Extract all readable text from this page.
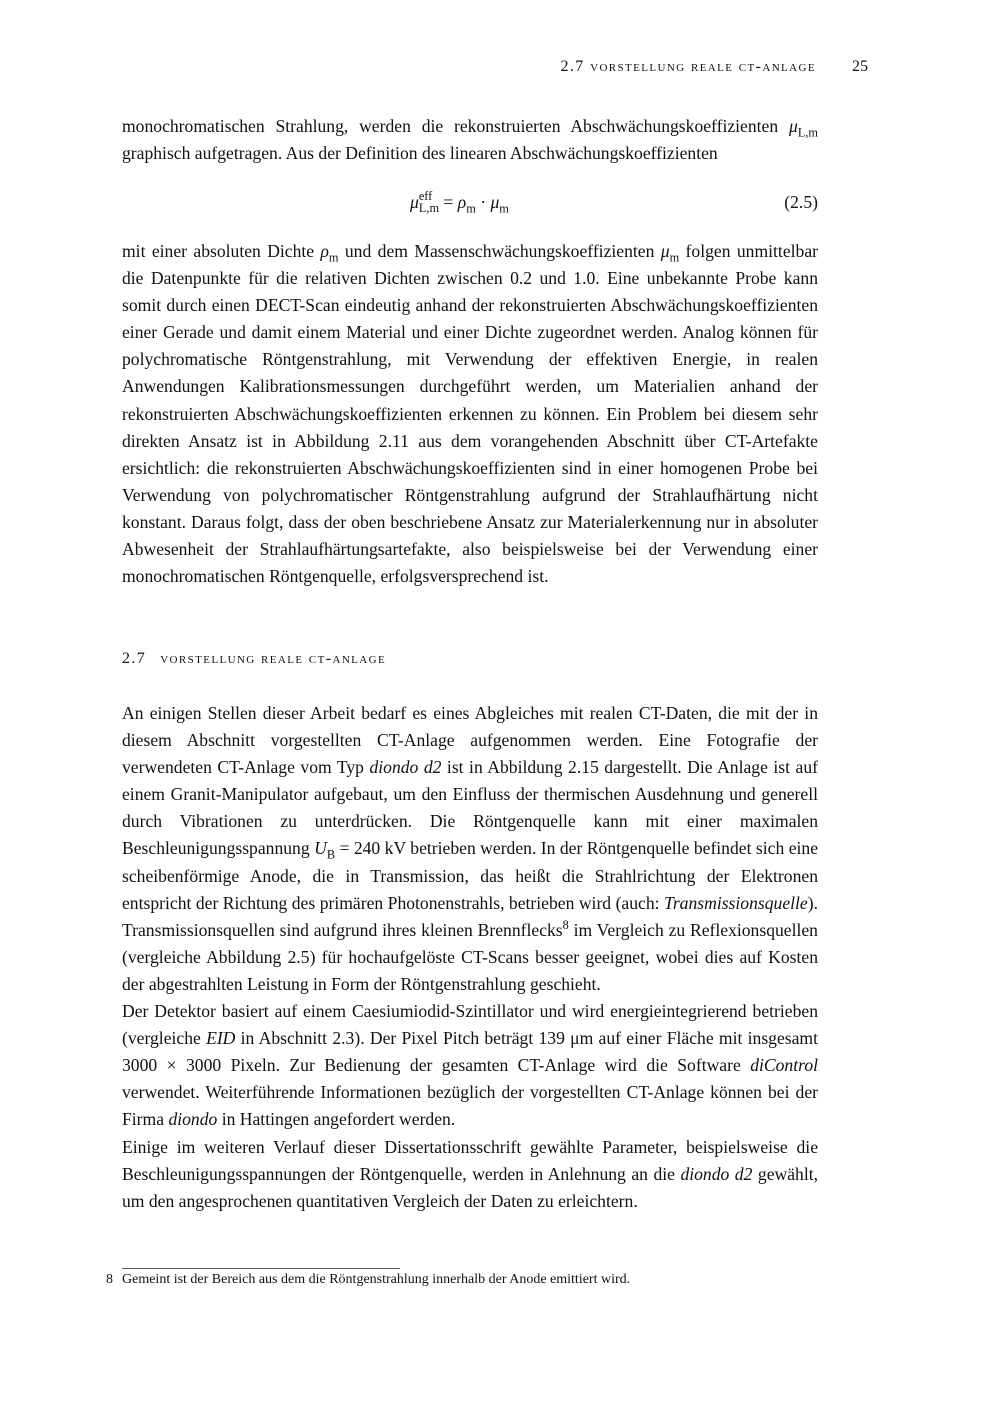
2.7 vorstellung reale ct-anlage 25

monochromatischen Strahlung, werden die rekonstruierten Abschwächungskoeffizienten $\mu_{L,m}$ graphisch aufgetragen. Aus der Definition des linearen Abschwächungskoeffizienten

μ eff
$L,m = \rho_m \cdot \mu_m$	(2.5)

mit einer absoluten Dichte $\rho_m$ und dem Massenschwächungskoeffizienten $\mu_m$ folgen unmittelbar die Datenpunkte für die relativen Dichten zwischen 0.2 und 1.0. Eine unbekannte Probe kann somit durch einen DECT-Scan eindeutig anhand der rekonstruierten Abschwächungskoeffizienten einer Gerade und damit einem Material und einer Dichte zugeordnet werden. Analog können für polychromatische Röntgenstrahlung, mit Verwendung der effektiven Energie, in realen Anwendungen Kalibrationsmessungen durchgeführt werden, um Materialien anhand der rekonstruierten Abschwächungskoeffizienten erkennen zu können. Ein Problem bei diesem sehr direkten Ansatz ist in Abbildung 2.11 aus dem vorangehenden Abschnitt über CT-Artefakte ersichtlich: die rekonstruierten Abschwächungskoeffizienten sind in einer homogenen Probe bei Verwendung von polychromatischer Röntgenstrahlung aufgrund der Strahlaufhärtung nicht konstant. Daraus folgt, dass der oben beschriebene Ansatz zur Materialerkennung nur in absoluter Abwesenheit der Strahlaufhärtungsartefakte, also beispielsweise bei der Verwendung einer monochromatischen Röntgenquelle, erfolgsversprechend ist.

2.7 vorstellung reale ct-anlage

An einigen Stellen dieser Arbeit bedarf es eines Abgleiches mit realen CT-Daten, die mit der in diesem Abschnitt vorgestellten CT-Anlage aufgenommen werden. Eine Fotografie der verwendeten CT-Anlage vom Typ diondo d2 ist in Abbildung 2.15 dargestellt. Die Anlage ist auf einem Granit-Manipulator aufgebaut, um den Einfluss der thermischen Ausdehnung und generell durch Vibrationen zu unterdrücken. Die Röntgenquelle kann mit einer maximalen Beschleunigungsspannung $U_B = 240$ kV betrieben werden. In der Röntgenquelle befindet sich eine scheibenförmige Anode, die in Transmission, das heißt die Strahlrichtung der Elektronen entspricht der Richtung des primären Photonenstrahls, betrieben wird (auch: Transmissionsquelle). Transmissionsquellen sind aufgrund ihres kleinen Brennflecks$^8$ im Vergleich zu Reflexionsquellen (vergleiche Abbildung 2.5) für hochaufgelöste CT-Scans besser geeignet, wobei dies auf Kosten der abgestrahlten Leistung in Form der Röntgenstrahlung geschieht.

Der Detektor basiert auf einem Caesiumiodid-Szintillator und wird energieintegrierend betrieben (vergleiche EID in Abschnitt 2.3). Der Pixel Pitch beträgt 139 μm auf einer Fläche mit insgesamt 3000 × 3000 Pixeln. Zur Bedienung der gesamten CT-Anlage wird die Software diControl verwendet. Weiterführende Informationen bezüglich der vorgestellten CT-Anlage können bei der Firma diondo in Hattingen angefordert werden.

Einige im weiteren Verlauf dieser Dissertationsschrift gewählte Parameter, beispielsweise die Beschleunigungsspannungen der Röntgenquelle, werden in Anlehnung an die diondo d2 gewählt, um den angesprochenen quantitativen Vergleich der Daten zu erleichtern.

8 Gemeint ist der Bereich aus dem die Röntgenstrahlung innerhalb der Anode emittiert wird.
